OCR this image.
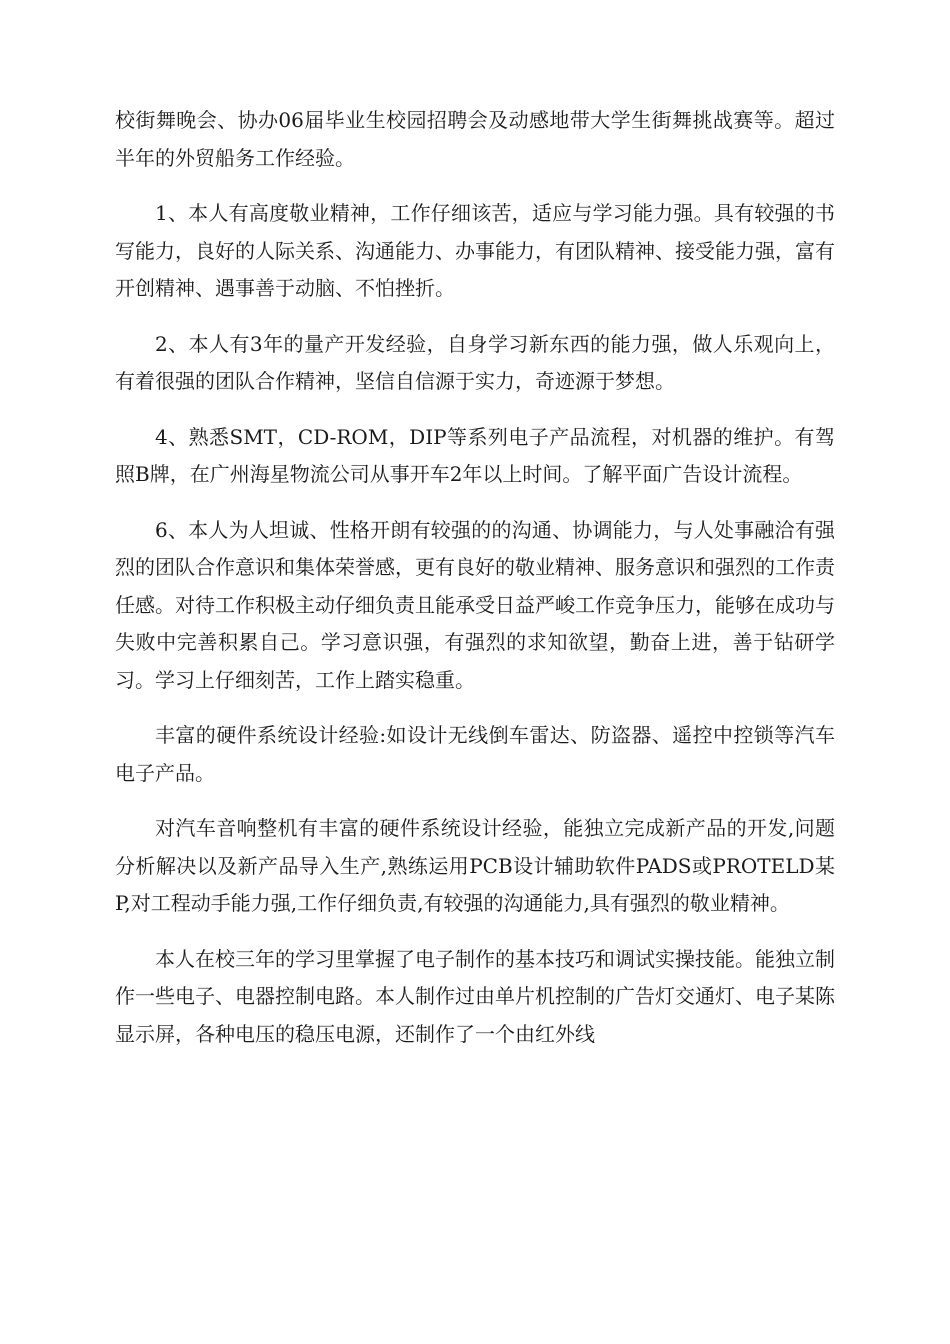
校街舞晚会、协办06届毕业生校园招聘会及动感地带大学生街舞挑战赛等。超过半年的外贸船务工作经验。

1、本人有高度敬业精神，工作仔细该苦，适应与学习能力强。具有较强的书写能力，良好的人际关系、沟通能力、办事能力，有团队精神、接受能力强，富有开创精神、遇事善于动脑、不怕挫折。

2、本人有3年的量产开发经验，自身学习新东西的能力强，做人乐观向上，有着很强的团队合作精神，坚信自信源于实力，奇迹源于梦想。

4、熟悉SMT，CD-ROM，DIP等系列电子产品流程，对机器的维护。有驾照B牌，在广州海星物流公司从事开车2年以上时间。了解平面广告设计流程。

6、本人为人坦诚、性格开朗有较强的的沟通、协调能力，与人处事融洽有强烈的团队合作意识和集体荣誉感，更有良好的敬业精神、服务意识和强烈的工作责任感。对待工作积极主动仔细负责且能承受日益严峻工作竞争压力，能够在成功与失败中完善积累自己。学习意识强，有强烈的求知欲望，勤奋上进，善于钻研学习。学习上仔细刻苦，工作上踏实稳重。

丰富的硬件系统设计经验:如设计无线倒车雷达、防盗器、遥控中控锁等汽车电子产品。

对汽车音响整机有丰富的硬件系统设计经验，能独立完成新产品的开发,问题分析解决以及新产品导入生产,熟练运用PCB设计辅助软件PADS或PROTELD某P,对工程动手能力强,工作仔细负责,有较强的沟通能力,具有强烈的敬业精神。

本人在校三年的学习里掌握了电子制作的基本技巧和调试实操技能。能独立制作一些电子、电器控制电路。本人制作过由单片机控制的广告灯交通灯、电子某陈显示屏，各种电压的稳压电源，还制作了一个由红外线
